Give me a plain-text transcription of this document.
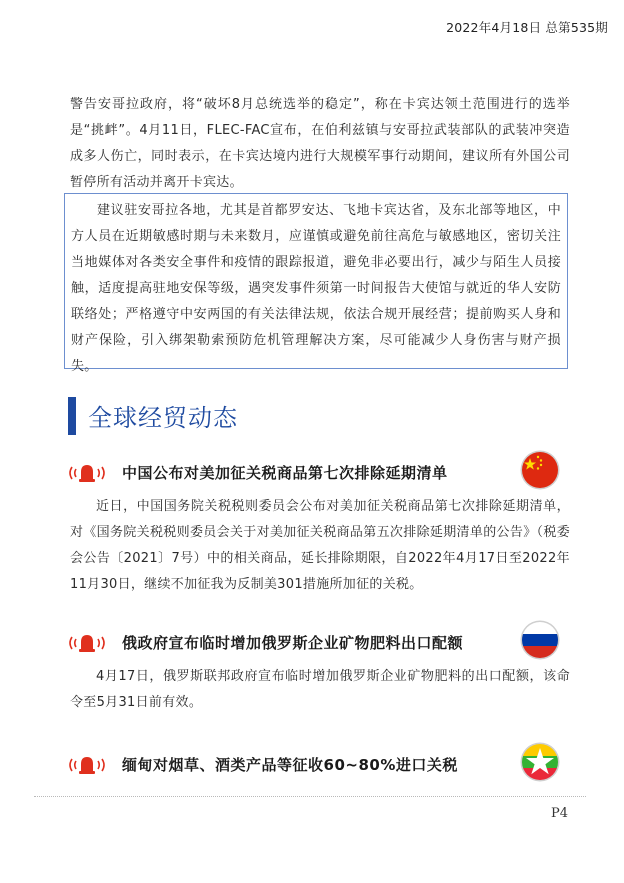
2022年4月18日 总第535期

警告安哥拉政府，将“破坏8月总统选举的稳定”，称在卡宾达领土范围进行的选举是“挑衅”。4月11日，FLEC-FAC宣布，在伯利兹镇与安哥拉武装部队的武装冲突造成多人伤亡，同时表示，在卡宾达境内进行大规模军事行动期间，建议所有外国公司暂停所有活动并离开卡宾达。

建议驻安哥拉各地，尤其是首都罗安达、飞地卡宾达省，及东北部等地区，中方人员在近期敏感时期与未来数月，应谨慎或避免前往高危与敏感地区，密切关注当地媒体对各类安全事件和疫情的跟踪报道，避免非必要出行，减少与陌生人员接触，适度提高驻地安保等级，遇突发事件须第一时间报告大使馆与就近的华人安防联络处；严格遵守中安两国的有关法律法规，依法合规开展经营；提前购买人身和财产保险，引入绑架勒索预防危机管理解决方案，尽可能减少人身伤害与财产损失。

全球经贸动态
中国公布对美加征关税商品第七次排除延期清单

近日，中国国务院关税税则委员会公布对美加征关税商品第七次排除延期清单，对《国务院关税税则委员会关于对美加征关税商品第五次排除延期清单的公告》（税委会公告〔2021〕7号）中的相关商品，延长排除期限，自2022年4月17日至2022年11月30日，继续不加征我为反制美301措施所加征的关税。

俄政府宣布临时增加俄罗斯企业矿物肥料出口配额

4月17日，俄罗斯联邦政府宣布临时增加俄罗斯企业矿物肥料的出口配额，该命令至5月31日前有效。

缅甸对烟草、酒类产品等征收60~80%进口关税
P4
